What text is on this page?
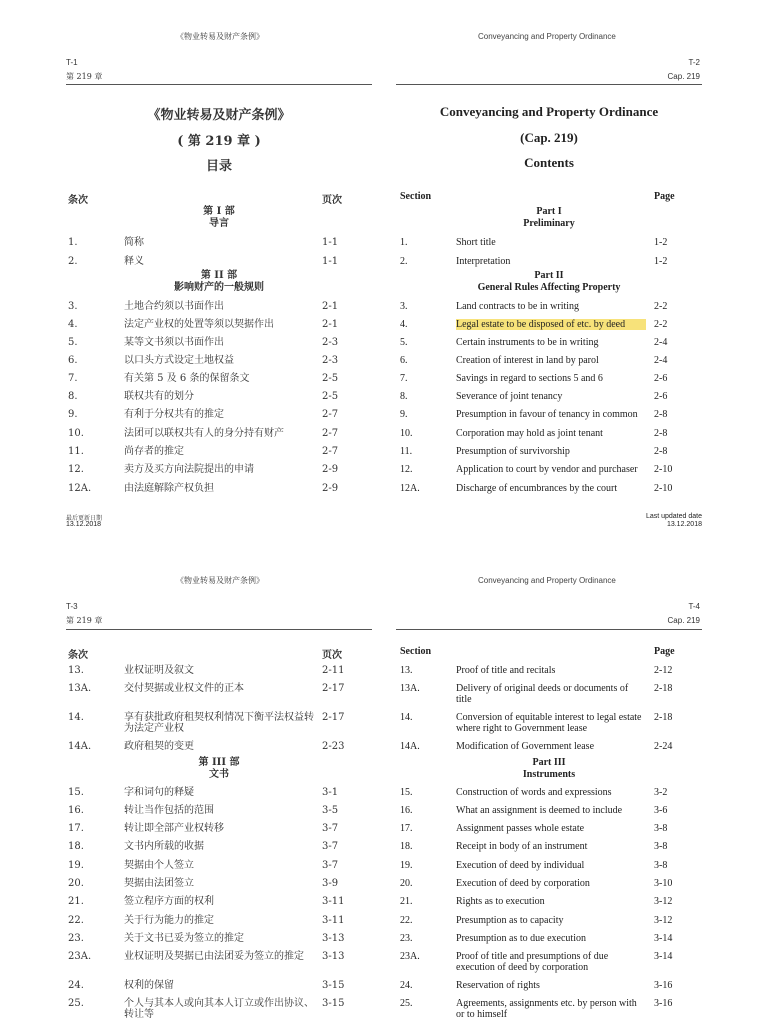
《物业转易及财产条例》	Conveyancing and Property Ordinance
T-1
第 219 章
T-2
Cap. 219
《物业转易及财产条例》
( 第 219 章 )
目录
Conveyancing and Property Ordinance
(Cap. 219)
Contents
条次	页次	Section	Page
第 I 部
导言
Part I
Preliminary
1.	简称	1-1
2.	释义	1-1
1.	Short title	1-2
2.	Interpretation	1-2
第 II 部
影响财产的一般规则
Part II
General Rules Affecting Property
3.	土地合约须以书面作出	2-1
4.	法定产业权的处置等须以契据作出	2-1
5.	某等文书须以书面作出	2-3
6.	以口头方式设定土地权益	2-3
7.	有关第 5 及 6 条的保留条文	2-5
8.	联权共有的划分	2-5
9.	有利于分权共有的推定	2-7
10.	法团可以联权共有人的身分持有财产	2-7
11.	尚存者的推定	2-7
12.	卖方及买方向法院提出的申请	2-9
12A.	由法庭解除产权负担	2-9
3.	Land contracts to be in writing	2-2
4.	Legal estate to be disposed of etc. by deed	2-2
5.	Certain instruments to be in writing	2-4
6.	Creation of interest in land by parol	2-4
7.	Savings in regard to sections 5 and 6	2-6
8.	Severance of joint tenancy	2-6
9.	Presumption in favour of tenancy in common	2-8
10.	Corporation may hold as joint tenant	2-8
11.	Presumption of survivorship	2-8
12.	Application to court by vendor and purchaser	2-10
12A.	Discharge of encumbrances by the court	2-10
最后更新日期
13.12.2018
Last updated date
13.12.2018
《物业转易及财产条例》	Conveyancing and Property Ordinance
T-3
第 219 章
T-4
Cap. 219
条次	页次	Section	Page
13.	业权证明及叙文	2-11
13A.	交付契据或业权文件的正本	2-17
14.	享有获批政府租契权利情况下衡平法权益转为法定产业权
2-17
14A.	政府租契的变更	2-23
13.	Proof of title and recitals	2-12
13A.	Delivery of original deeds or documents of title
2-18
14.	Conversion of equitable interest to legal estate where right to Government lease
2-18
14A.	Modification of Government lease	2-24
第 III 部
文书
Part III
Instruments
15.	字和词句的释疑	3-1
16.	转让当作包括的范围	3-5
17.	转让即全部产业权转移	3-7
18.	文书内所载的收据	3-7
19.	契据由个人签立	3-7
20.	契据由法团签立	3-9
21.	签立程序方面的权利	3-11
22.	关于行为能力的推定	3-11
23.	关于文书已妥为签立的推定	3-13
23A.	业权证明及契据已由法团妥为签立的推定	3-13
24.	权利的保留	3-15
25.	个人与其本人或向其本人订立或作出协议、转让等
3-15
15.	Construction of words and expressions	3-2
16.	What an assignment is deemed to include	3-6
17.	Assignment passes whole estate	3-8
18.	Receipt in body of an instrument	3-8
19.	Execution of deed by individual	3-8
20.	Execution of deed by corporation	3-10
21.	Rights as to execution	3-12
22.	Presumption as to capacity	3-12
23.	Presumption as to due execution	3-14
23A.	Proof of title and presumptions of due execution of deed by corporation
3-14
24.	Reservation of rights	3-16
25.	Agreements, assignments etc. by person with or to himself
3-16
